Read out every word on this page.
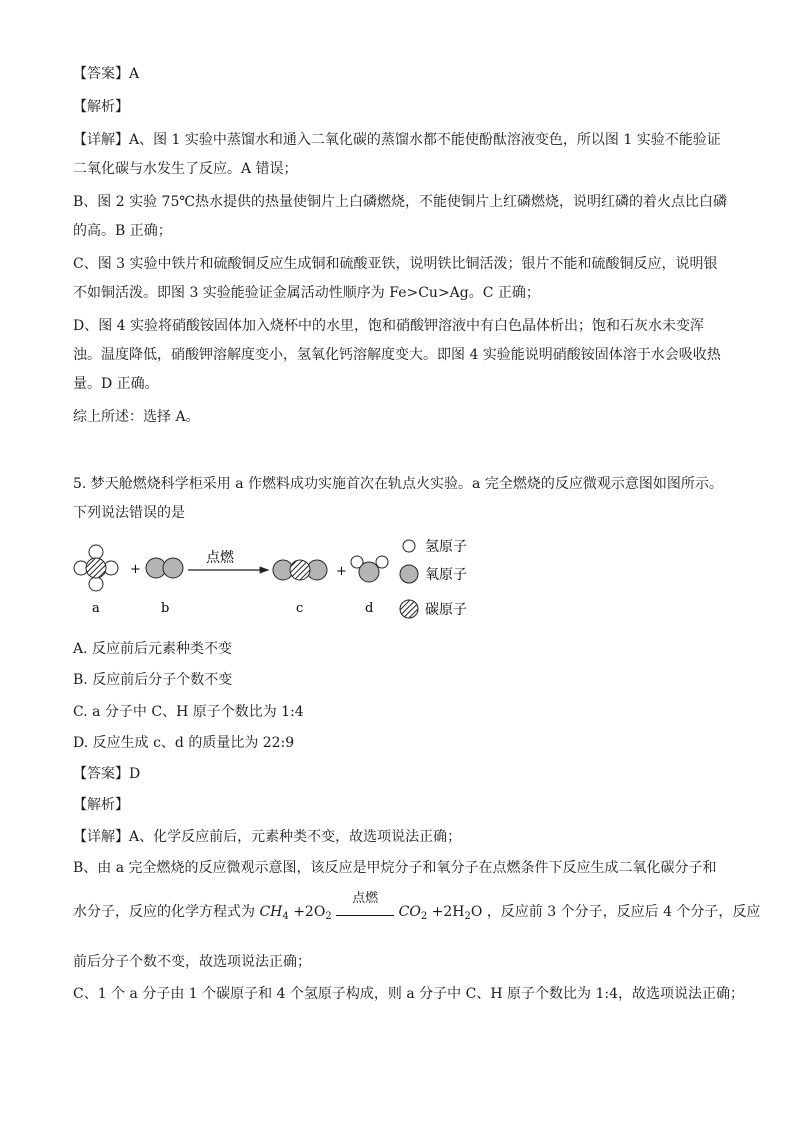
【答案】A
【解析】
【详解】A、图 1 实验中蒸馏水和通入二氧化碳的蒸馏水都不能使酚酞溶液变色，所以图 1 实验不能验证
二氧化碳与水发生了反应。A 错误；
B、图 2 实验 75℃热水提供的热量使铜片上白磷燃烧，不能使铜片上红磷燃烧，说明红磷的着火点比白磷
的高。B 正确；
C、图 3 实验中铁片和硫酸铜反应生成铜和硫酸亚铁，说明铁比铜活泼；银片不能和硫酸铜反应，说明银
不如铜活泼。即图 3 实验能验证金属活动性顺序为 Fe>Cu>Ag。C 正确；
D、图 4 实验将硝酸铵固体加入烧杯中的水里，饱和硝酸钾溶液中有白色晶体析出；饱和石灰水未变浑
浊。温度降低，硝酸钾溶解度变小，氢氧化钙溶解度变大。即图 4 实验能说明硝酸铵固体溶于水会吸收热
量。D 正确。
综上所述：选择 A。
5. 梦天舱燃烧科学柜采用 a 作燃料成功实施首次在轨点火实验。a 完全燃烧的反应微观示意图如图所示。
下列说法错误的是
+
点燃
+
a	b	c	d
氢原子
氧原子
碳原子
A. 反应前后元素种类不变
B. 反应前后分子个数不变
C. a 分子中 C、H 原子个数比为 1:4
D. 反应生成 c、d 的质量比为 22:9
【答案】D
【解析】
【详解】A、化学反应前后，元素种类不变，故选项说法正确；
B、由 a 完全燃烧的反应微观示意图，该反应是甲烷分子和氧分子在点燃条件下反应生成二氧化碳分子和
水分子，反应的化学方程式为 $CH_4 +2O_2$
点燃
$CO_2 +2H_2O$ ，反应前 3 个分子，反应后 4 个分子，反应
前后分子个数不变，故选项说法正确；
C、1 个 a 分子由 1 个碳原子和 4 个氢原子构成，则 a 分子中 C、H 原子个数比为 1:4，故选项说法正确；
